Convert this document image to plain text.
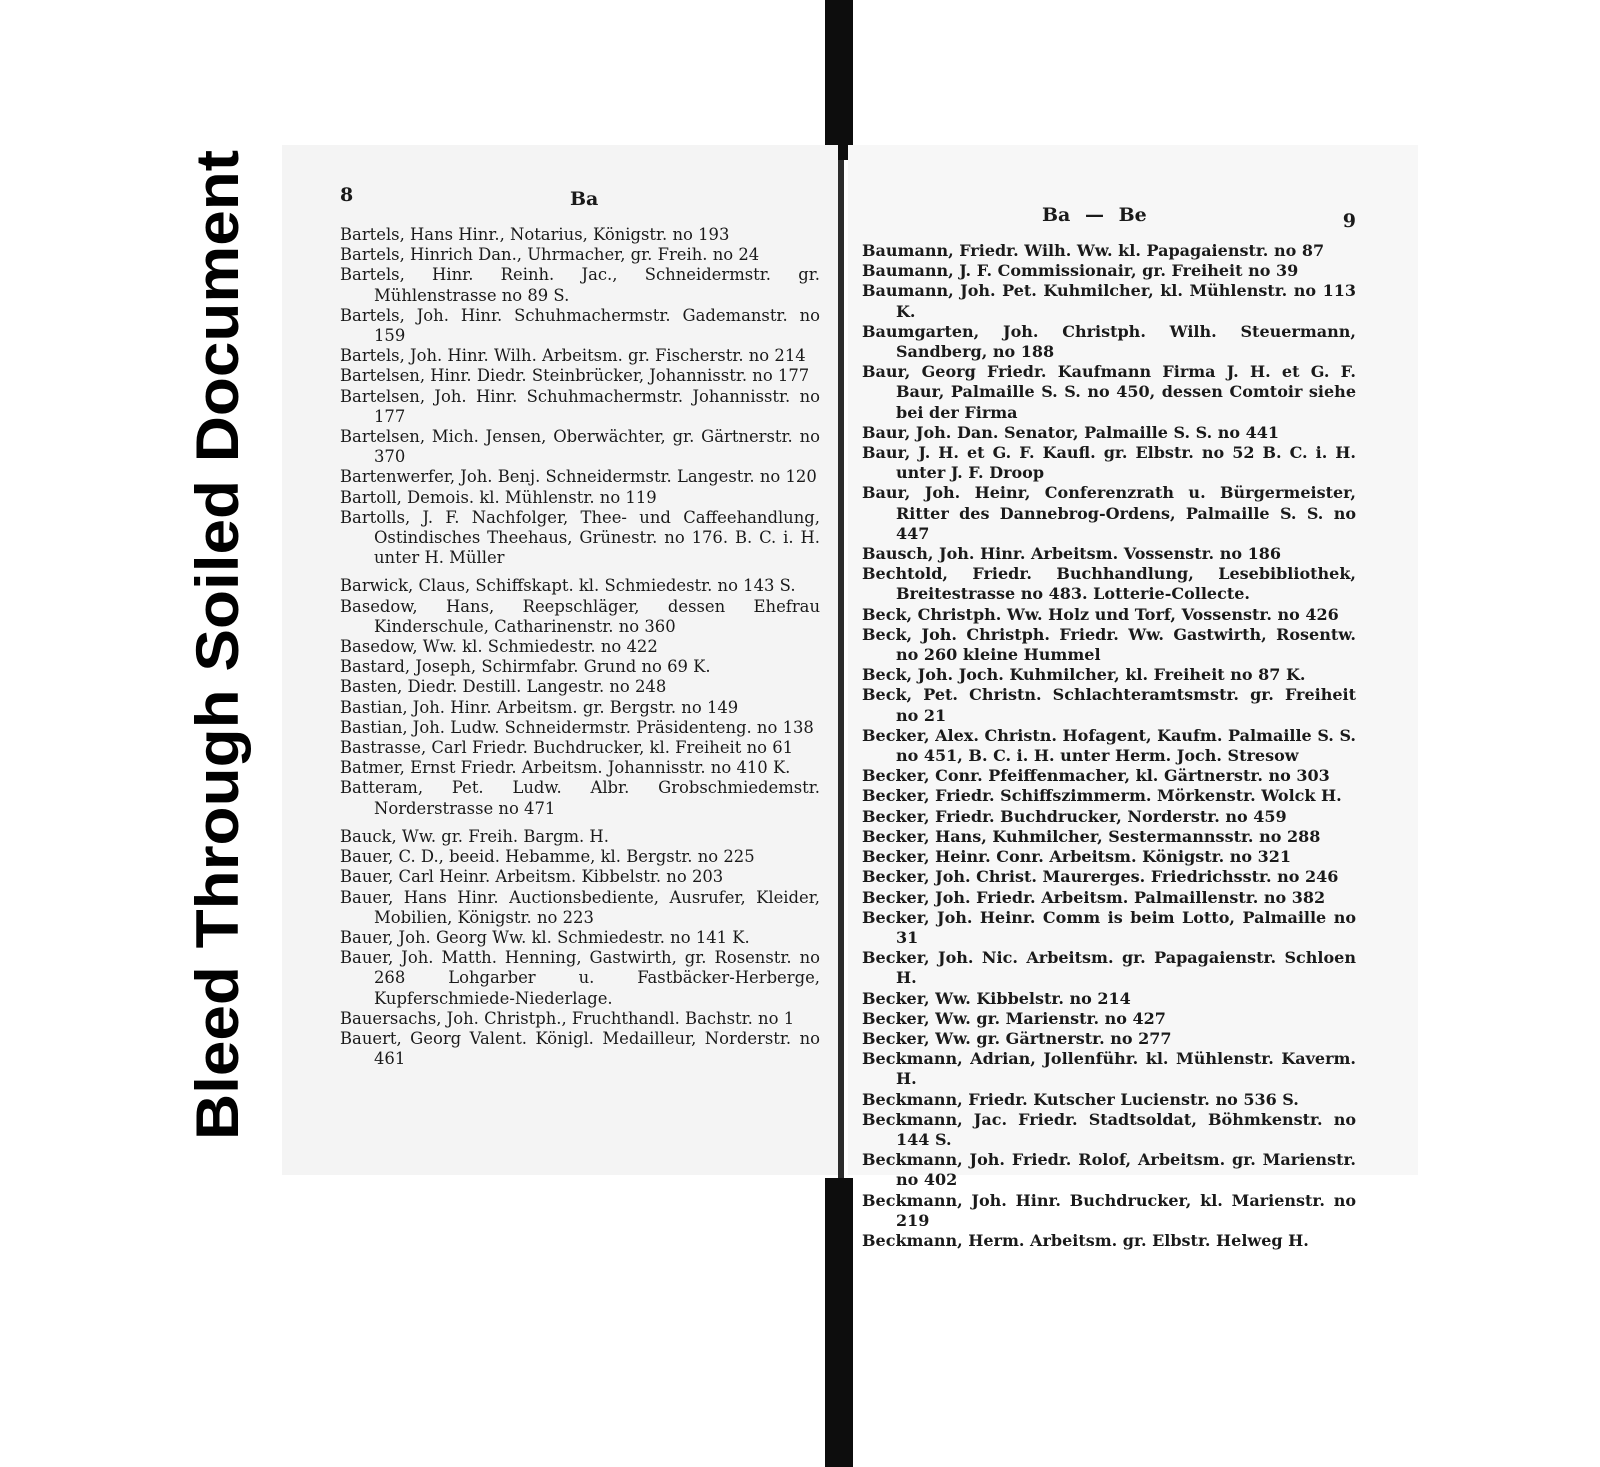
Bleed Through Soiled Document
8	Ba
Bartels, Hans Hinr., Notarius, Königstr. no 193
Bartels, Hinrich Dan., Uhrmacher, gr. Freih. no 24
Bartels, Hinr. Reinh. Jac., Schneidermstr. gr. Mühlenstrasse no 89 S.
Bartels, Joh. Hinr. Schuhmachermstr. Gademanstr. no 159
Bartels, Joh. Hinr. Wilh. Arbeitsm. gr. Fischerstr. no 214
Bartelsen, Hinr. Diedr. Steinbrücker, Johannisstr. no 177
Bartelsen, Joh. Hinr. Schuhmachermstr. Johannisstr. no 177
Bartelsen, Mich. Jensen, Oberwächter, gr. Gärtnerstr. no 370
Bartenwerfer, Joh. Benj. Schneidermstr. Langestr. no 120
Bartoll, Demois. kl. Mühlenstr. no 119
Bartolls, J. F. Nachfolger, Thee- und Caffeehandlung, Ostindisches Theehaus, Grünestr. no 176. B. C. i. H. unter H. Müller
Barwick, Claus, Schiffskapt. kl. Schmiedestr. no 143 S.
Basedow, Hans, Reepschläger, dessen Ehefrau Kinderschule, Catharinenstr. no 360
Basedow, Ww. kl. Schmiedestr. no 422
Bastard, Joseph, Schirmfabr. Grund no 69 K.
Basten, Diedr. Destill. Langestr. no 248
Bastian, Joh. Hinr. Arbeitsm. gr. Bergstr. no 149
Bastian, Joh. Ludw. Schneidermstr. Präsidenteng. no 138
Bastrasse, Carl Friedr. Buchdrucker, kl. Freiheit no 61
Batmer, Ernst Friedr. Arbeitsm. Johannisstr. no 410 K.
Batteram, Pet. Ludw. Albr. Grobschmiedemstr. Norderstrasse no 471
Bauck, Ww. gr. Freih. Bargm. H.
Bauer, C. D., beeid. Hebamme, kl. Bergstr. no 225
Bauer, Carl Heinr. Arbeitsm. Kibbelstr. no 203
Bauer, Hans Hinr. Auctionsbediente, Ausrufer, Kleider, Mobilien, Königstr. no 223
Bauer, Joh. Georg Ww. kl. Schmiedestr. no 141 K.
Bauer, Joh. Matth. Henning, Gastwirth, gr. Rosenstr. no 268 Lohgarber u. Fastbäcker-Herberge, Kupferschmiede-Niederlage.
Bauersachs, Joh. Christph., Fruchthandl. Bachstr. no 1
Bauert, Georg Valent. Königl. Medailleur, Norderstr. no 461
Ba — Be	9
Baumann, Friedr. Wilh. Ww. kl. Papagaienstr. no 87
Baumann, J. F. Commissionair, gr. Freiheit no 39
Baumann, Joh. Pet. Kuhmilcher, kl. Mühlenstr. no 113 K.
Baumgarten, Joh. Christph. Wilh. Steuermann, Sandberg, no 188
Baur, Georg Friedr. Kaufmann Firma J. H. et G. F. Baur, Palmaille S. S. no 450, dessen Comtoir siehe bei der Firma
Baur, Joh. Dan. Senator, Palmaille S. S. no 441
Baur, J. H. et G. F. Kaufl. gr. Elbstr. no 52 B. C. i. H. unter J. F. Droop
Baur, Joh. Heinr, Conferenzrath u. Bürgermeister, Ritter des Dannebrog-Ordens, Palmaille S. S. no 447
Bausch, Joh. Hinr. Arbeitsm. Vossenstr. no 186
Bechtold, Friedr. Buchhandlung, Lesebibliothek, Breitestrasse no 483. Lotterie-Collecte.
Beck, Christph. Ww. Holz und Torf, Vossenstr. no 426
Beck, Joh. Christph. Friedr. Ww. Gastwirth, Rosentw. no 260 kleine Hummel
Beck, Joh. Joch. Kuhmilcher, kl. Freiheit no 87 K.
Beck, Pet. Christn. Schlachteramtsmstr. gr. Freiheit no 21
Becker, Alex. Christn. Hofagent, Kaufm. Palmaille S. S. no 451, B. C. i. H. unter Herm. Joch. Stresow
Becker, Conr. Pfeiffenmacher, kl. Gärtnerstr. no 303
Becker, Friedr. Schiffszimmerm. Mörkenstr. Wolck H.
Becker, Friedr. Buchdrucker, Norderstr. no 459
Becker, Hans, Kuhmilcher, Sestermannsstr. no 288
Becker, Heinr. Conr. Arbeitsm. Königstr. no 321
Becker, Joh. Christ. Maurerges. Friedrichsstr. no 246
Becker, Joh. Friedr. Arbeitsm. Palmaillenstr. no 382
Becker, Joh. Heinr. Comm is beim Lotto, Palmaille no 31
Becker, Joh. Nic. Arbeitsm. gr. Papagaienstr. Schloen H.
Becker, Ww. Kibbelstr. no 214
Becker, Ww. gr. Marienstr. no 427
Becker, Ww. gr. Gärtnerstr. no 277
Beckmann, Adrian, Jollenführ. kl. Mühlenstr. Kaverm. H.
Beckmann, Friedr. Kutscher Lucienstr. no 536 S.
Beckmann, Jac. Friedr. Stadtsoldat, Böhmkenstr. no 144 S.
Beckmann, Joh. Friedr. Rolof, Arbeitsm. gr. Marienstr. no 402
Beckmann, Joh. Hinr. Buchdrucker, kl. Marienstr. no 219
Beckmann, Herm. Arbeitsm. gr. Elbstr. Helweg H.
